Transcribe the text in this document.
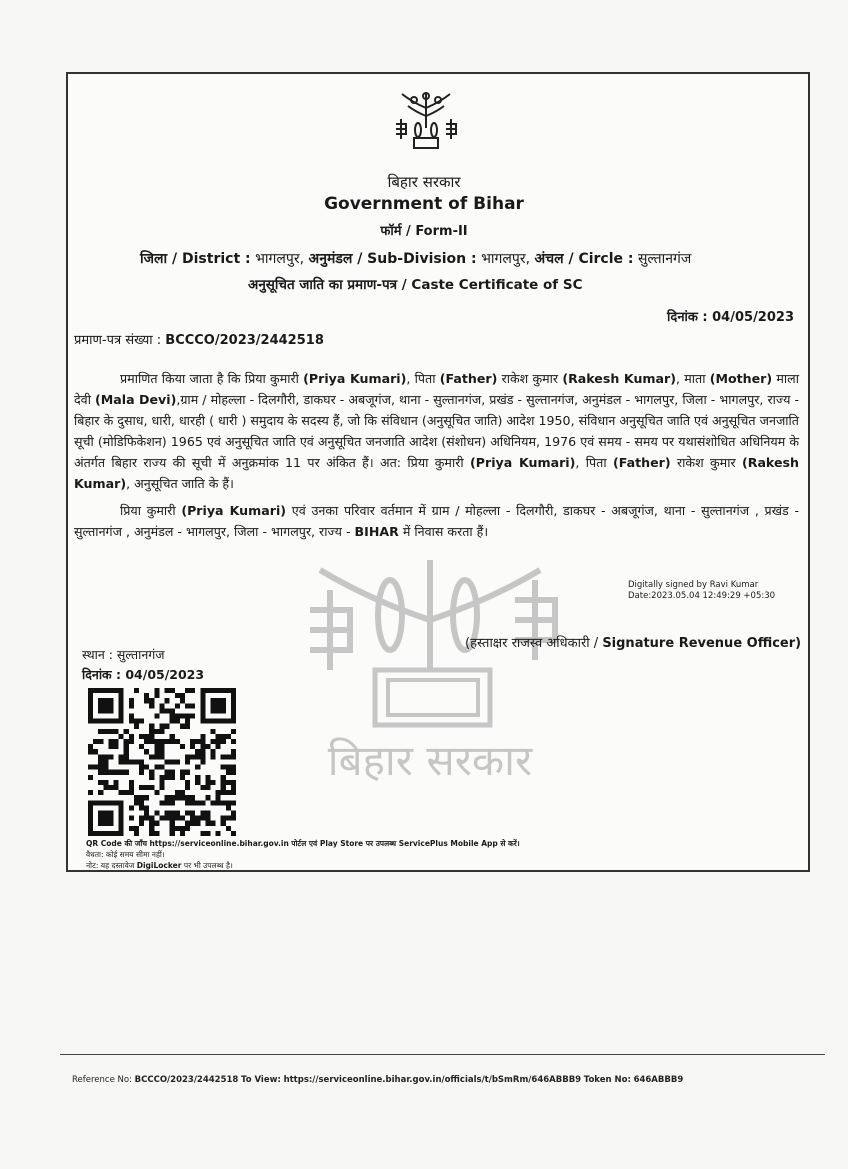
बिहार सरकार
बिहार सरकार
Government of Bihar
फॉर्म / Form-II
जिला / District : भागलपुर, अनुमंडल / Sub-Division : भागलपुर, अंचल / Circle : सुल्तानगंज
अनुसूचित जाति का प्रमाण-पत्र / Caste Certificate of SC
दिनांक : 04/05/2023
प्रमाण-पत्र संख्या : BCCCO/2023/2442518
प्रमाणित किया जाता है कि प्रिया कुमारी (Priya Kumari), पिता (Father) राकेश कुमार (Rakesh Kumar), माता (Mother) माला देवी (Mala Devi),ग्राम / मोहल्ला - दिलगौरी, डाकघर - अबजूगंज, थाना - सुल्तानगंज, प्रखंड - सुल्तानगंज, अनुमंडल - भागलपुर, जिला - भागलपुर, राज्य - बिहार के दुसाध, धारी, धारही ( धारी ) समुदाय के सदस्य हैं, जो कि संविधान (अनुसूचित जाति) आदेश 1950, संविधान अनुसूचित जाति एवं अनुसूचित जनजाति सूची (मोडिफिकेशन) 1965 एवं अनुसूचित जाति एवं अनुसूचित जनजाति आदेश (संशोधन) अधिनियम, 1976 एवं समय - समय पर यथासंशोधित अधिनियम के अंतर्गत बिहार राज्य की सूची में अनुक्रमांक 11 पर अंकित हैं। अत: प्रिया कुमारी (Priya Kumari), पिता (Father) राकेश कुमार (Rakesh Kumar), अनुसूचित जाति के हैं।
प्रिया कुमारी (Priya Kumari) एवं उनका परिवार वर्तमान में ग्राम / मोहल्ला - दिलगौरी, डाकघर - अबजूगंज, थाना - सुल्तानगंज , प्रखंड - सुल्तानगंज , अनुमंडल - भागलपुर, जिला - भागलपुर, राज्य - BIHAR में निवास करता हैं।
Digitally signed by Ravi Kumar
Date:2023.05.04 12:49:29 +05:30
स्थान : सुल्तानगंज
दिनांक : 04/05/2023
(हस्ताक्षर राजस्व अधिकारी / Signature Revenue Officer)
QR Code की जाँच https://serviceonline.bihar.gov.in पोर्टल एवं Play Store पर उपलब्ध ServicePlus Mobile App से करें।
वैधता: कोई समय सीमा नहीं।
नोट: यह दस्तावेज DigiLocker पर भी उपलब्ध है।
Reference No: BCCCO/2023/2442518 To View: https://serviceonline.bihar.gov.in/officials/t/bSmRm/646ABBB9 Token No: 646ABBB9
